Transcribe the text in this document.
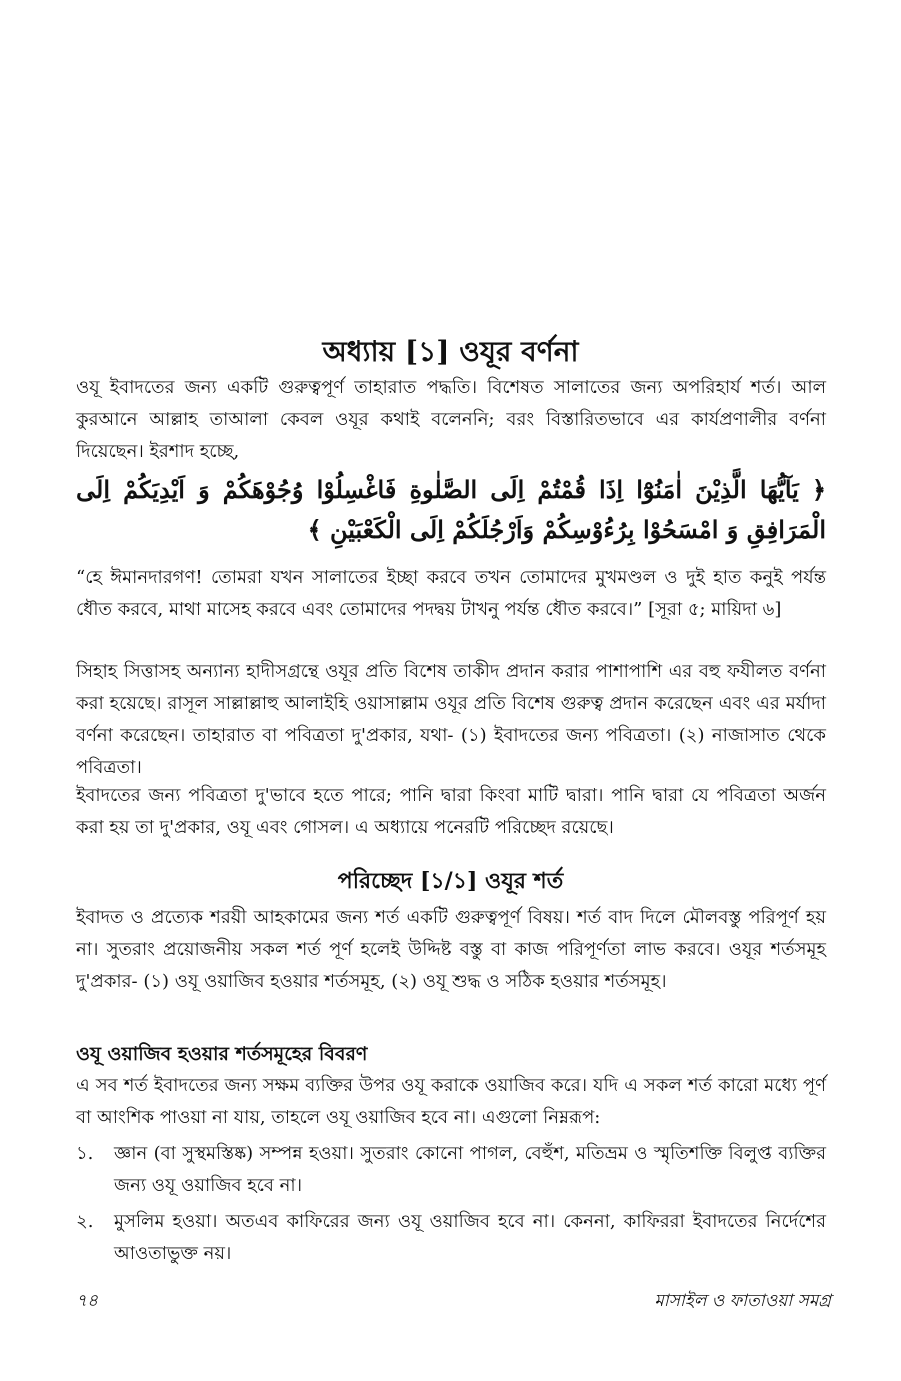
অধ্যায় [১] ওযূর বর্ণনা

ওযূ ইবাদতের জন্য একটি গুরুত্বপূর্ণ তাহারাত পদ্ধতি। বিশেষত সালাতের জন্য অপরিহার্য শর্ত। আল কুরআনে আল্লাহ তাআলা কেবল ওযূর কথাই বলেননি; বরং বিস্তারিতভাবে এর কার্যপ্রণালীর বর্ণনা দিয়েছেন। ইরশাদ হচ্ছে,

﴿ يَآيُّهَا الَّذِيْنَ اٰمَنُوْٓا اِذَا قُمْتُمْ اِلَى الصَّلٰوةِ فَاغْسِلُوْا وُجُوْهَكُمْ وَ اَيْدِيَكُمْ اِلَى الْمَرَافِقِ وَ امْسَحُوْا بِرُءُوْسِكُمْ وَاَرْجُلَكُمْ اِلَى الْكَعْبَيْنِ ﴾

“হে ঈমানদারগণ! তোমরা যখন সালাতের ইচ্ছা করবে তখন তোমাদের মুখমণ্ডল ও দুই হাত কনুই পর্যন্ত ধৌত করবে, মাথা মাসেহ করবে এবং তোমাদের পদদ্বয় টাখনু পর্যন্ত ধৌত করবে।” [সূরা ৫; মায়িদা ৬]

সিহাহ সিত্তাসহ অন্যান্য হাদীসগ্রন্থে ওযূর প্রতি বিশেষ তাকীদ প্রদান করার পাশাপাশি এর বহু ফযীলত বর্ণনা করা হয়েছে। রাসূল সাল্লাল্লাহু আলাইহি ওয়াসাল্লাম ওযূর প্রতি বিশেষ গুরুত্ব প্রদান করেছেন এবং এর মর্যাদা বর্ণনা করেছেন। তাহারাত বা পবিত্রতা দু'প্রকার, যথা- (১) ইবাদতের জন্য পবিত্রতা। (২) নাজাসাত থেকে পবিত্রতা।

ইবাদতের জন্য পবিত্রতা দু'ভাবে হতে পারে; পানি দ্বারা কিংবা মাটি দ্বারা। পানি দ্বারা যে পবিত্রতা অর্জন করা হয় তা দু'প্রকার, ওযূ এবং গোসল। এ অধ্যায়ে পনেরটি পরিচ্ছেদ রয়েছে।

পরিচ্ছেদ [১/১] ওযূর শর্ত

ইবাদত ও প্রত্যেক শরয়ী আহকামের জন্য শর্ত একটি গুরুত্বপূর্ণ বিষয়। শর্ত বাদ দিলে মৌলবস্তু পরিপূর্ণ হয় না। সুতরাং প্রয়োজনীয় সকল শর্ত পূর্ণ হলেই উদ্দিষ্ট বস্তু বা কাজ পরিপূর্ণতা লাভ করবে। ওযূর শর্তসমূহ দু'প্রকার- (১) ওযূ ওয়াজিব হওয়ার শর্তসমূহ, (২) ওযূ শুদ্ধ ও সঠিক হওয়ার শর্তসমূহ।

ওযূ ওয়াজিব হওয়ার শর্তসমূহের বিবরণ

এ সব শর্ত ইবাদতের জন্য সক্ষম ব্যক্তির উপর ওযূ করাকে ওয়াজিব করে। যদি এ সকল শর্ত কারো মধ্যে পূর্ণ বা আংশিক পাওয়া না যায়, তাহলে ওযূ ওয়াজিব হবে না। এগুলো নিম্নরূপ:

১.	জ্ঞান (বা সুস্থমস্তিষ্ক) সম্পন্ন হওয়া। সুতরাং কোনো পাগল, বেহুঁশ, মতিভ্রম ও স্মৃতিশক্তি বিলুপ্ত ব্যক্তির জন্য ওযূ ওয়াজিব হবে না।
২.	মুসলিম হওয়া। অতএব কাফিরের জন্য ওযূ ওয়াজিব হবে না। কেননা, কাফিররা ইবাদতের নির্দেশের আওতাভুক্ত নয়।
৭৪	মাসাইল ও ফাতাওয়া সমগ্র
